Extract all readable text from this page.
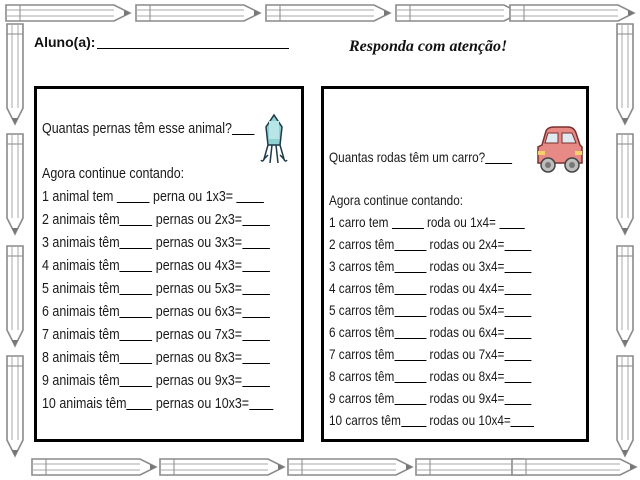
Aluno(a):	Responda com atenção!
Quantas pernas têm esse animal?
Agora continue contando:
1 animal tem	perna ou 1x3=
2 animais têm pernas ou 2x3=
3 animais têm pernas ou 3x3=
4 animais têm pernas ou 4x3=
5 animais têm pernas ou 5x3=
6 animais têm pernas ou 6x3=
7 animais têm pernas ou 7x3=
8 animais têm pernas ou 8x3=
9 animais têm pernas ou 9x3=
10 animais têm pernas ou 10x3=
Quantas rodas têm um carro?
Agora continue contando:
1 carro tem	roda ou 1x4=
2 carros têm	rodas ou 2x4=
3 carros têm	rodas ou 3x4=
4 carros têm	rodas ou 4x4=
5 carros têm	rodas ou 5x4=
6 carros têm	rodas ou 6x4=
7 carros têm	rodas ou 7x4=
8 carros têm	rodas ou 8x4=
9 carros têm	rodas ou 9x4=
10 carros têm rodas ou 10x4=
